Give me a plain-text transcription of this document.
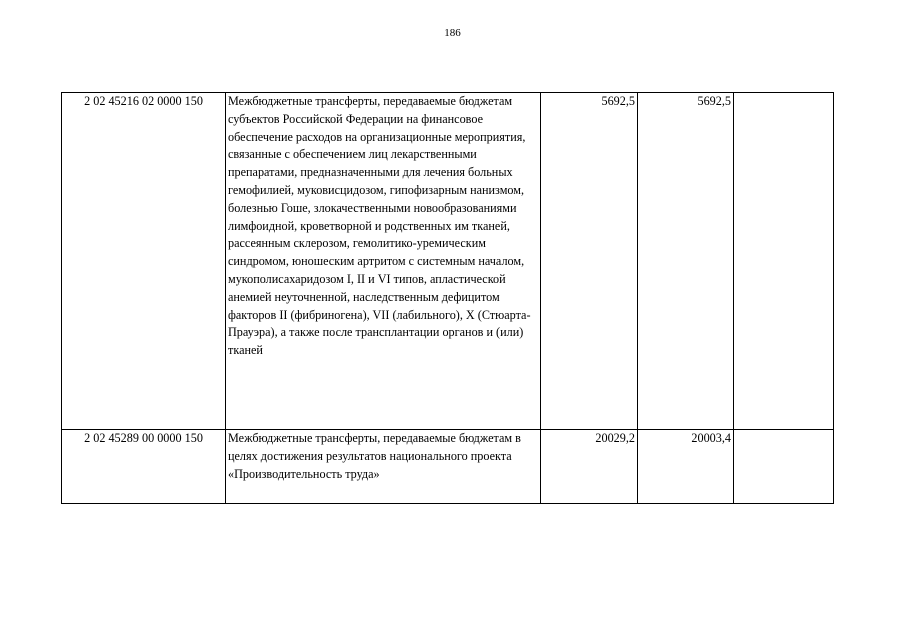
186
2 02 45216 02 0000 150	Межбюджетные трансферты, передаваемые бюджетам субъектов Российской Федерации на финансовое обеспечение расходов на организационные мероприятия, связанные с обеспечением лиц лекарственными препаратами, предназначенными для лечения больных гемофилией, муковисцидозом, гипофизарным нанизмом, болезнью Гоше, злокачественными новообразованиями лимфоидной, кроветворной и родственных им тканей, рассеянным склерозом, гемолитико-уремическим синдромом, юношеским артритом с системным началом, мукополисахаридозом I, II и VI типов, апластической анемией неуточненной, наследственным дефицитом факторов II (фибриногена), VII (лабильного), X (Стюарта-Прауэра), а также после трансплантации органов и (или) тканей	5692,5	5692,5	
2 02 45289 00 0000 150	Межбюджетные трансферты, передаваемые бюджетам в целях достижения результатов национального проекта «Производительность труда»	20029,2	20003,4	
